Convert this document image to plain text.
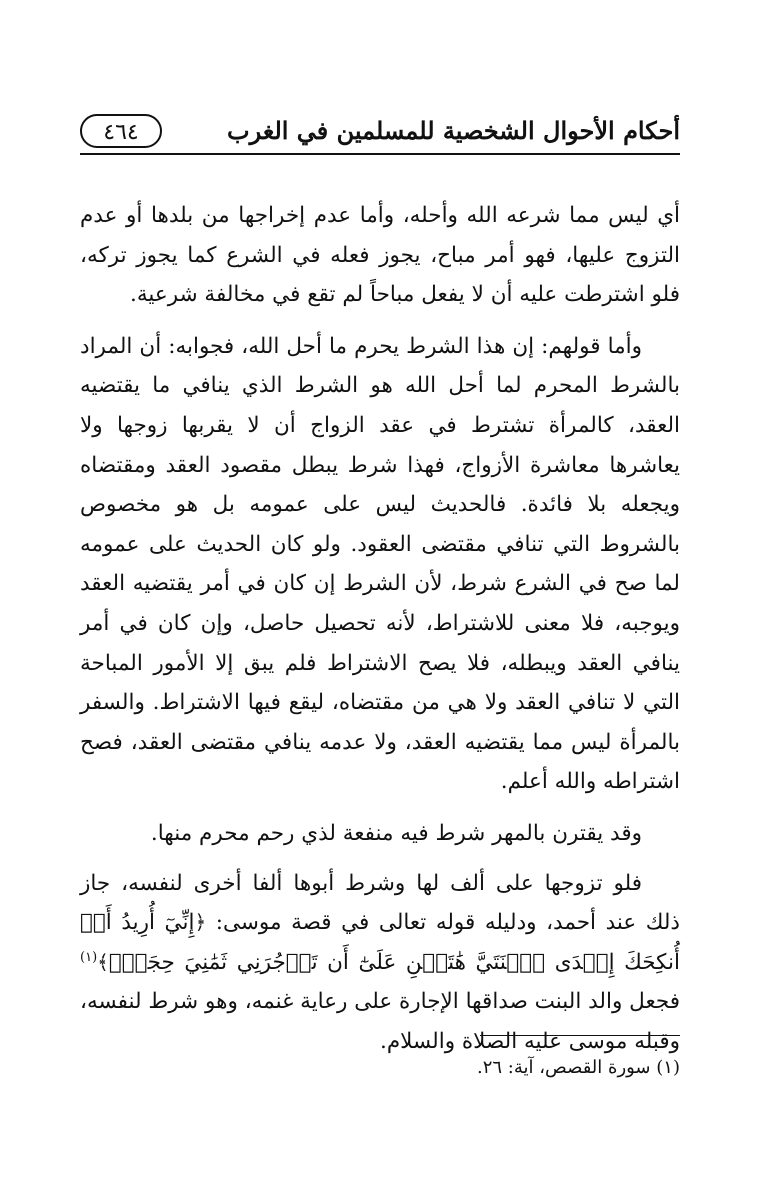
أحكام الأحوال الشخصية للمسلمين في الغرب
٤٦٤

أي ليس مما شرعه الله وأحله، وأما عدم إخراجها من بلدها أو عدم التزوج عليها، فهو أمر مباح، يجوز فعله في الشرع كما يجوز تركه، فلو اشترطت عليه أن لا يفعل مباحاً لم تقع في مخالفة شرعية.

وأما قولهم: إن هذا الشرط يحرم ما أحل الله، فجوابه: أن المراد بالشرط المحرم لما أحل الله هو الشرط الذي ينافي ما يقتضيه العقد، كالمرأة تشترط في عقد الزواج أن لا يقربها زوجها ولا يعاشرها معاشرة الأزواج، فهذا شرط يبطل مقصود العقد ومقتضاه ويجعله بلا فائدة. فالحديث ليس على عمومه بل هو مخصوص بالشروط التي تنافي مقتضى العقود. ولو كان الحديث على عمومه لما صح في الشرع شرط، لأن الشرط إن كان في أمر يقتضيه العقد ويوجبه، فلا معنى للاشتراط، لأنه تحصيل حاصل، وإن كان في أمر ينافي العقد ويبطله، فلا يصح الاشتراط فلم يبق إلا الأمور المباحة التي لا تنافي العقد ولا هي من مقتضاه، ليقع فيها الاشتراط. والسفر بالمرأة ليس مما يقتضيه العقد، ولا عدمه ينافي مقتضى العقد، فصح اشتراطه والله أعلم.

وقد يقترن بالمهر شرط فيه منفعة لذي رحم محرم منها.

فلو تزوجها على ألف لها وشرط أبوها ألفا أخرى لنفسه، جاز ذلك عند أحمد، ودليله قوله تعالى في قصة موسى: ﴿إِنِّيٓ أُرِيدُ أَنۡ أُنكِحَكَ إِحۡدَى ٱبۡنَتَيَّ هَٰتَيۡنِ عَلَىٰٓ أَن تَأۡجُرَنِي ثَمَٰنِيَ حِجَجٖۖ﴾$^{(١)}$ فجعل والد البنت صداقها الإجارة على رعاية غنمه، وهو شرط لنفسه، وقبله موسى عليه الصلاة والسلام.

(١) سورة القصص، آية: ٢٦.
